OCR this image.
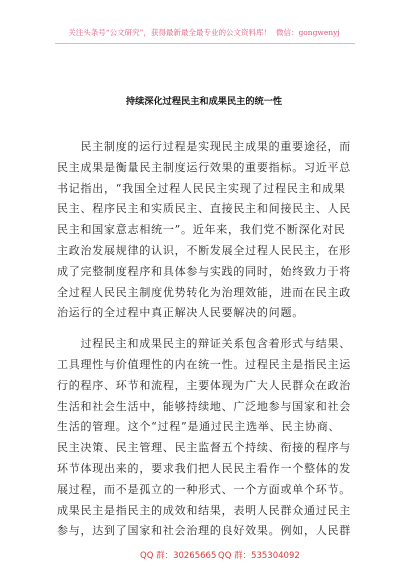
关注头条号“公文研究”，获得最新最全最专业的公文资料库！ 微信：gongwenyj
持续深化过程民主和成果民主的统一性
民主制度的运行过程是实现民主成果的重要途径，而
民主成果是衡量民主制度运行效果的重要指标。习近平总
书记指出，“我国全过程人民民主实现了过程民主和成果
民主、程序民主和实质民主、直接民主和间接民主、人民
民主和国家意志相统一”。近年来，我们党不断深化对民
主政治发展规律的认识，不断发展全过程人民民主，在形
成了完整制度程序和具体参与实践的同时，始终致力于将
全过程人民民主制度优势转化为治理效能，进而在民主政
治运行的全过程中真正解决人民要解决的问题。
过程民主和成果民主的辩证关系包含着形式与结果、
工具理性与价值理性的内在统一性。过程民主是指民主运
行的程序、环节和流程，主要体现为广大人民群众在政治
生活和社会生活中，能够持续地、广泛地参与国家和社会
生活的管理。这个“过程”是通过民主选举、民主协商、
民主决策、民主管理、民主监督五个持续、衔接的程序与
环节体现出来的，要求我们把人民民主看作一个整体的发
展过程，而不是孤立的一种形式、一个方面或单个环节。
成果民主是指民主的成效和结果，表明人民群众通过民主
参与，达到了国家和社会治理的良好效果。例如，人民群
QQ 群：30265665 QQ 群：535304092
